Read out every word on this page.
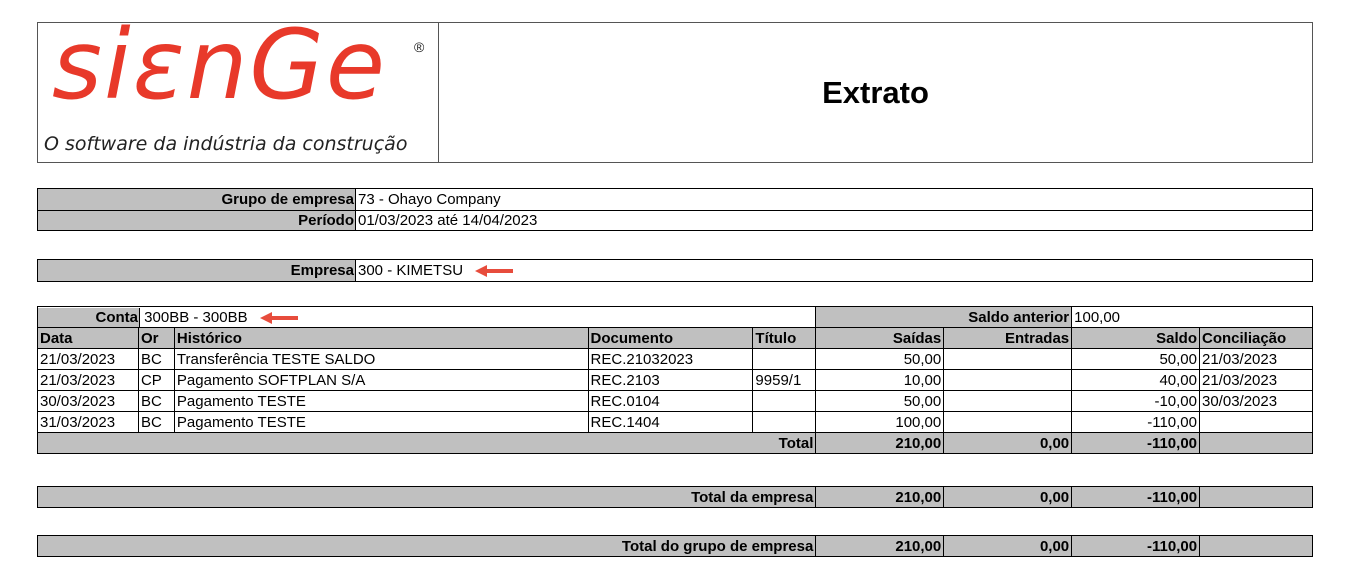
siεnGe ®
O software da indústria da construção
Extrato
Grupo de empresa 73 - Ohayo Company
Período 01/03/2023 até 14/04/2023
Empresa 300 - KIMETSU
Conta 300BB - 300BB					Saldo anterior		100,00	
Data	Or	Histórico	Documento	Título	Saídas	Entradas	Saldo	Conciliação
21/03/2023	BC	Transferência TESTE SALDO	REC.21032023		50,00		50,00	21/03/2023
21/03/2023	CP	Pagamento SOFTPLAN S/A	REC.2103	9959/1	10,00		40,00	21/03/2023
30/03/2023	BC	Pagamento TESTE	REC.0104		50,00		-10,00	30/03/2023
31/03/2023	BC	Pagamento TESTE	REC.1404		100,00		-110,00	
Total					210,00	0,00	-110,00	
Total da empresa	210,00	0,00	-110,00	
Total do grupo de empresa	210,00	0,00	-110,00	
